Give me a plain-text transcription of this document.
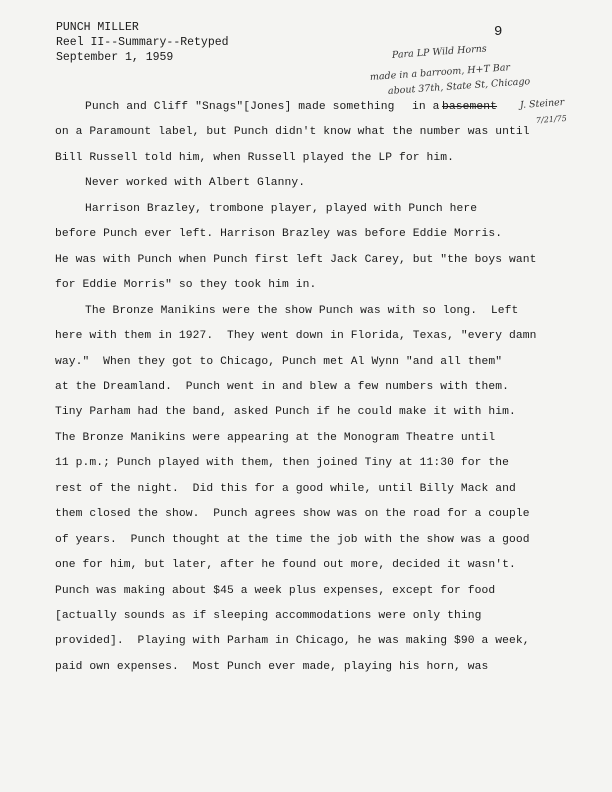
PUNCH MILLER
Reel II--Summary--Retyped
September 1, 1959
9
Para LP Wild Horns
made in a barroom, H+T Bar
about 37th, State St, Chicago
J. Steiner
7/21/75
Punch and Cliff "Snags"[Jones] made something
on a Paramount label, but Punch didn't know what the number was until
Bill Russell told him, when Russell played the LP for him.
Never worked with Albert Glanny.
Harrison Brazley, trombone player, played with Punch here
before Punch ever left. Harrison Brazley was before Eddie Morris.
He was with Punch when Punch first left Jack Carey, but "the boys want
for Eddie Morris" so they took him in.
The Bronze Manikins were the show Punch was with so long.  Left
here with them in 1927.  They went down in Florida, Texas, "every damn
way."  When they got to Chicago, Punch met Al Wynn "and all them"
at the Dreamland.  Punch went in and blew a few numbers with them.
Tiny Parham had the band, asked Punch if he could make it with him.
The Bronze Manikins were appearing at the Monogram Theatre until
11 p.m.; Punch played with them, then joined Tiny at 11:30 for the
rest of the night.  Did this for a good while, until Billy Mack and
them closed the show.  Punch agrees show was on the road for a couple
of years.  Punch thought at the time the job with the show was a good
one for him, but later, after he found out more, decided it wasn't.
Punch was making about $45 a week plus expenses, except for food
[actually sounds as if sleeping accommodations were only thing
provided].  Playing with Parham in Chicago, he was making $90 a week,
paid own expenses.  Most Punch ever made, playing his horn, was
in a basement
